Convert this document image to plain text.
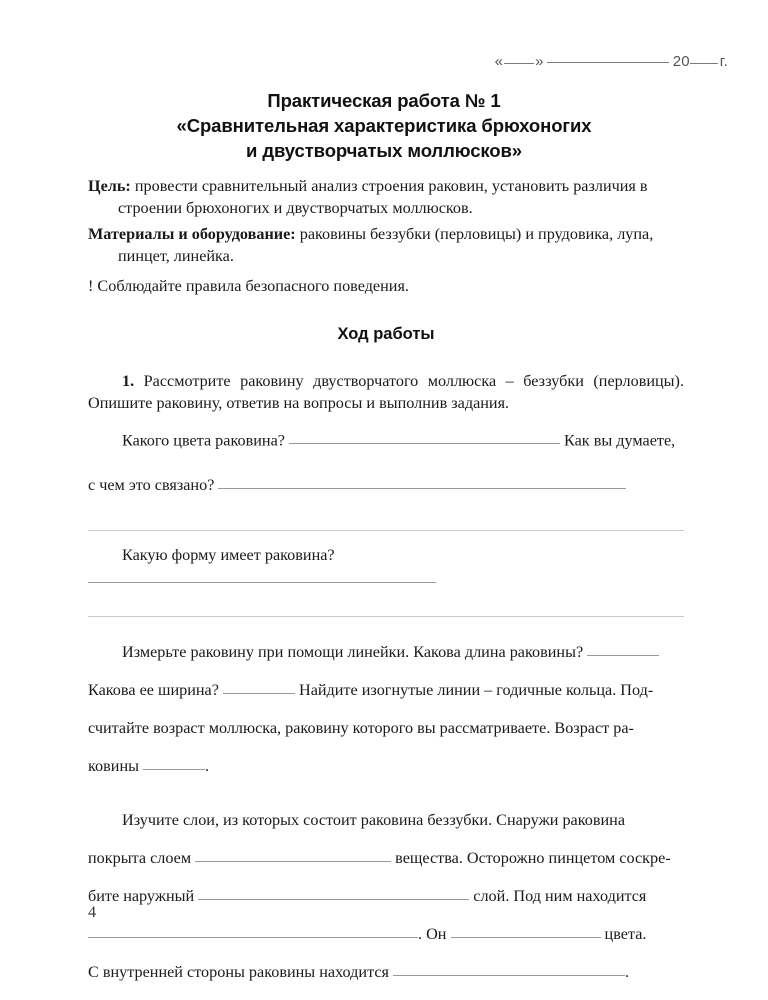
« »	20 г.
Практическая работа № 1
«Сравнительная характеристика брюхоногих
и двустворчатых моллюсков»

Цель: провести сравнительный анализ строения раковин, установить различия в строении брюхоногих и двустворчатых моллюсков.

Материалы и оборудование: раковины беззубки (перловицы) и прудовика, лупа, пинцет, линейка.

! Соблюдайте правила безопасного поведения.

Ход работы

1. Рассмотрите раковину двустворчатого моллюска – беззубки (перловицы). Опишите раковину, ответив на вопросы и выполнив задания.

Какого цвета раковина?	Как вы думаете,

с чем это связано?

Какую форму имеет раковина?

Измерьте раковину при помощи линейки. Какова длина раковины?

Какова ее ширина?	Найдите изогнутые линии – годичные кольца. Под-

считайте возраст моллюска, раковину которого вы рассматриваете. Возраст ра-

ковины	.

Изучите слои, из которых состоит раковина беззубки. Снаружи раковина

покрыта слоем	вещества. Осторожно пинцетом соскре-

бите наружный	слой. Под ним находится

. Он	цвета.

С внутренней стороны раковины находится	.

4
